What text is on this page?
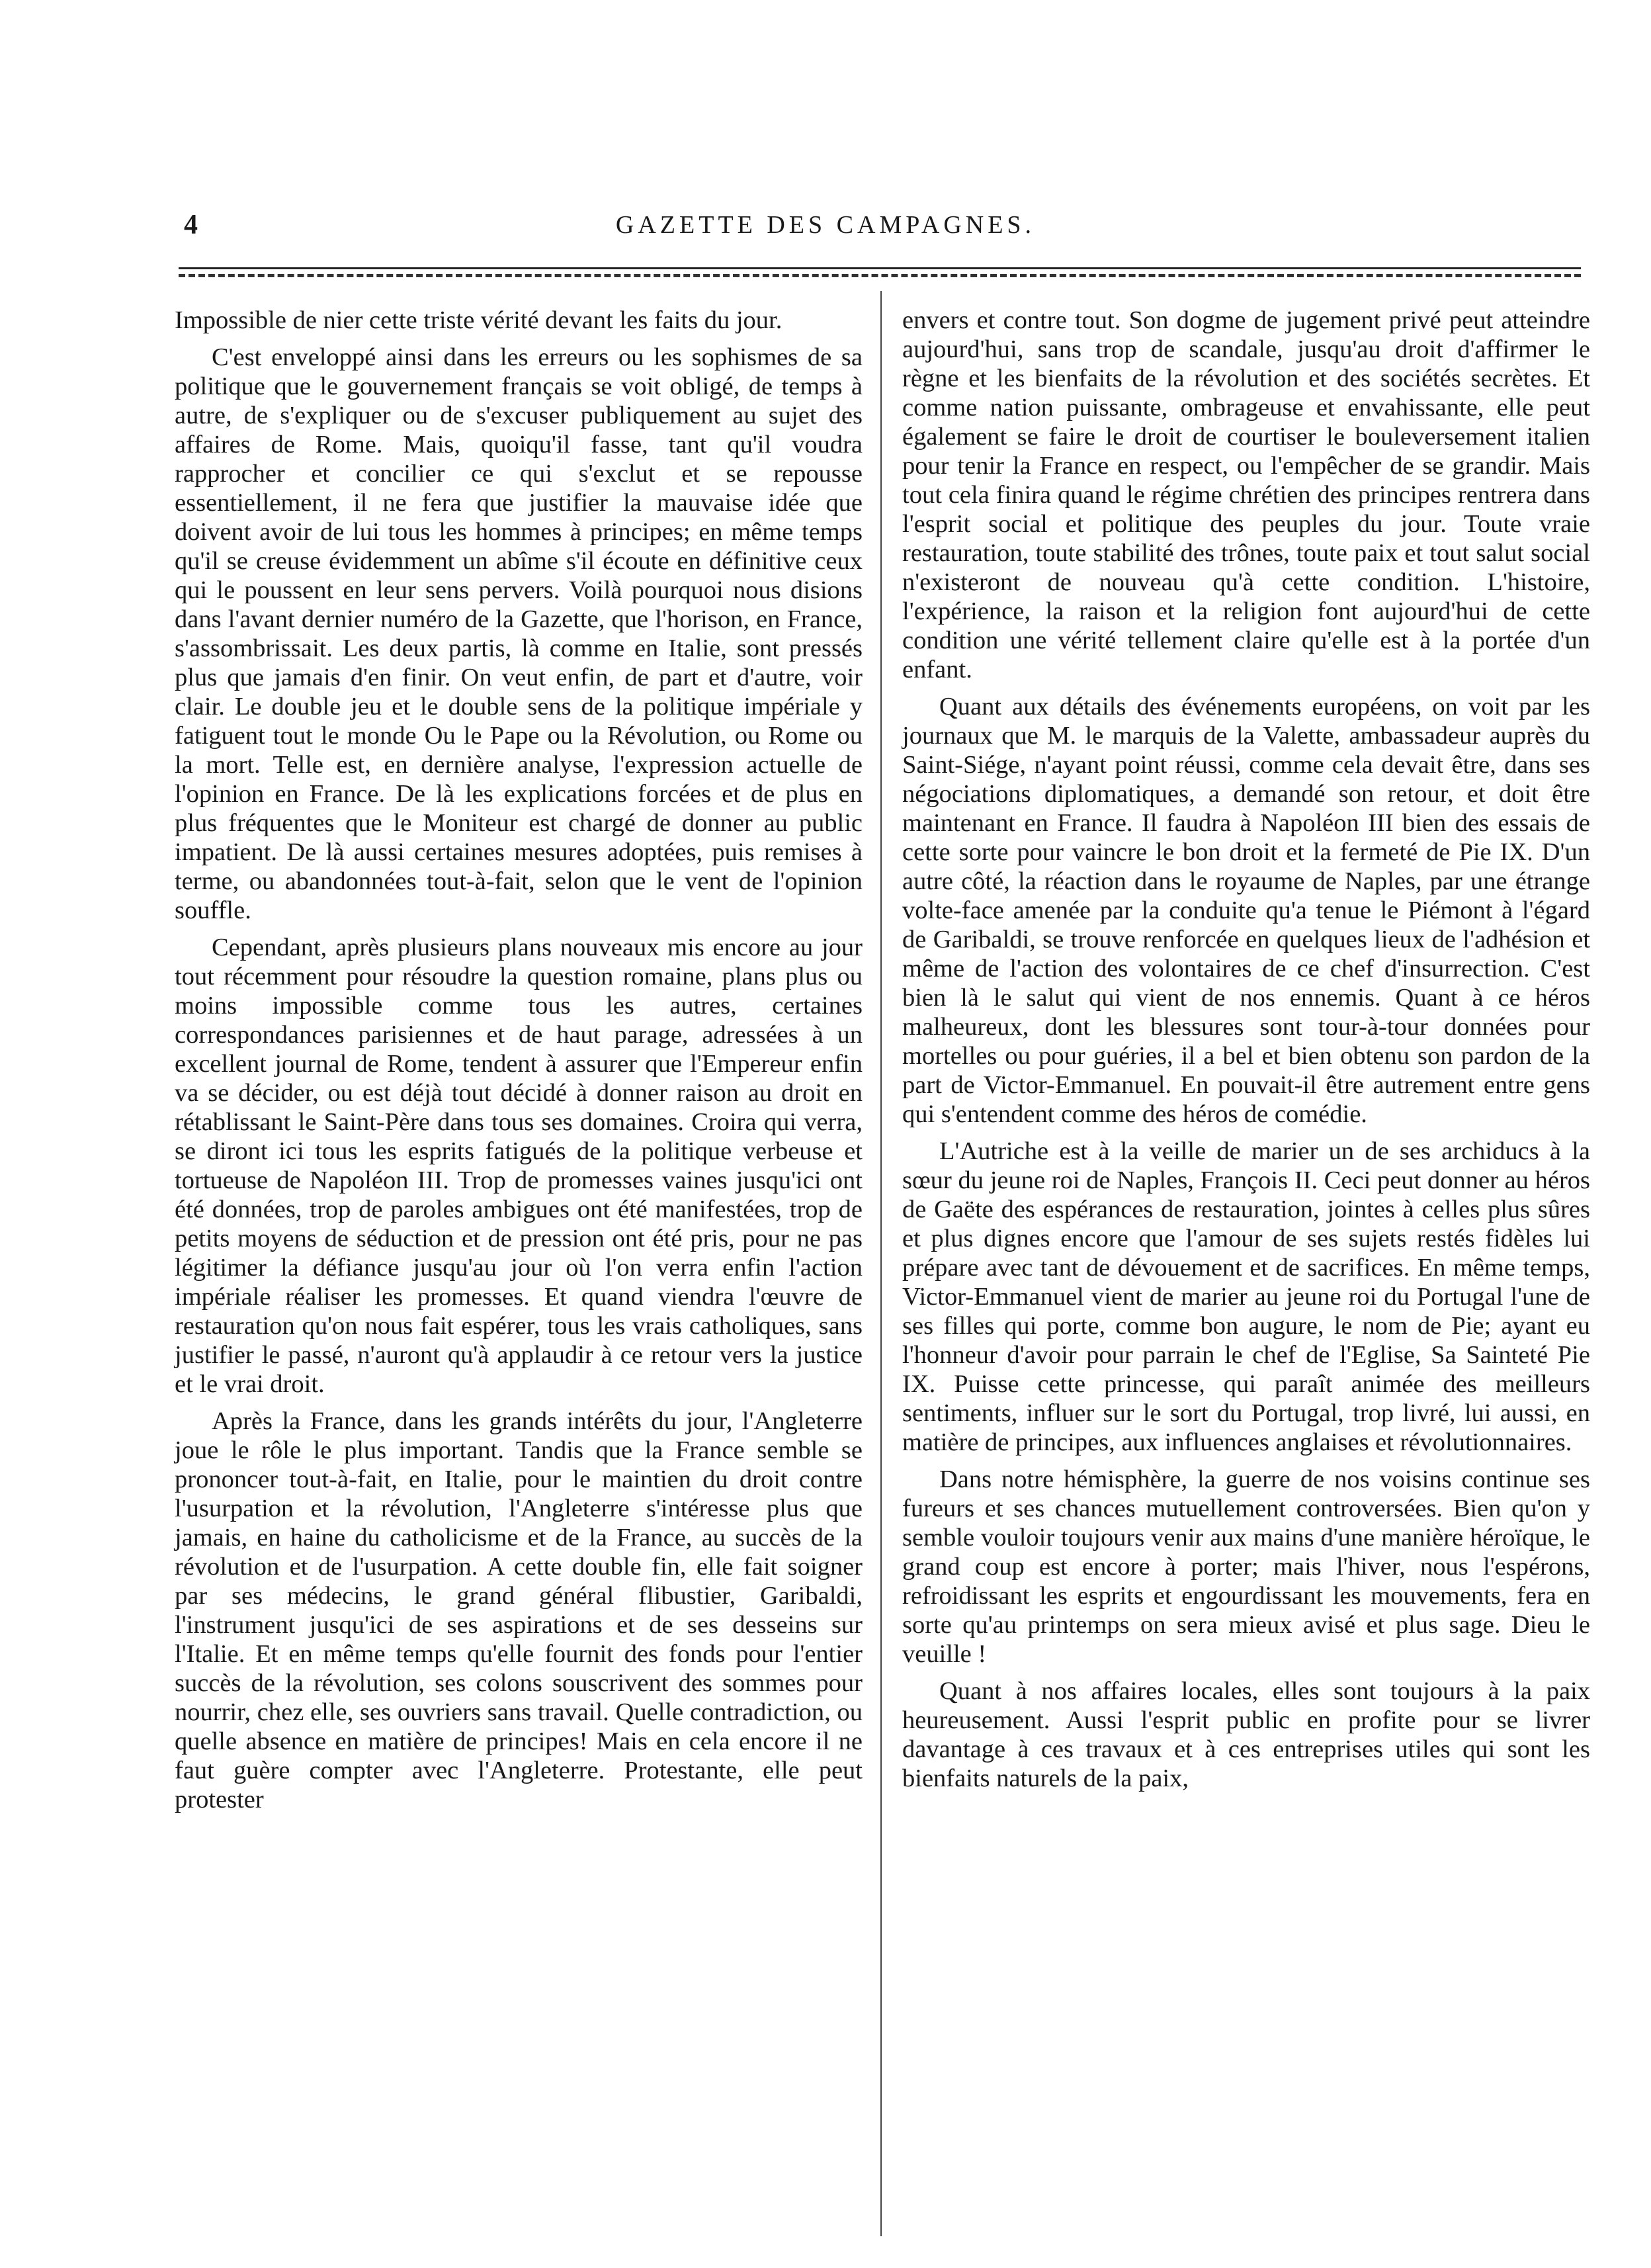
4	GAZETTE DES CAMPAGNES.

Impossible de nier cette triste vérité devant les faits du jour.

C'est enveloppé ainsi dans les erreurs ou les sophismes de sa politique que le gouvernement français se voit obligé, de temps à autre, de s'expliquer ou de s'excuser publiquement au sujet des affaires de Rome. Mais, quoiqu'il fasse, tant qu'il voudra rapprocher et concilier ce qui s'exclut et se repousse essentiellement, il ne fera que justifier la mauvaise idée que doivent avoir de lui tous les hommes à principes; en même temps qu'il se creuse évidemment un abîme s'il écoute en définitive ceux qui le poussent en leur sens pervers. Voilà pourquoi nous disions dans l'avant dernier numéro de la Gazette, que l'horison, en France, s'assombrissait. Les deux partis, là comme en Italie, sont pressés plus que jamais d'en finir. On veut enfin, de part et d'autre, voir clair. Le double jeu et le double sens de la politique impériale y fatiguent tout le monde Ou le Pape ou la Révolution, ou Rome ou la mort. Telle est, en dernière analyse, l'expression actuelle de l'opinion en France. De là les explications forcées et de plus en plus fréquentes que le Moniteur est chargé de donner au public impatient. De là aussi certaines mesures adoptées, puis remises à terme, ou abandonnées tout-à-fait, selon que le vent de l'opinion souffle.

Cependant, après plusieurs plans nouveaux mis encore au jour tout récemment pour résoudre la question romaine, plans plus ou moins impossible comme tous les autres, certaines correspondances parisiennes et de haut parage, adressées à un excellent journal de Rome, tendent à assurer que l'Empereur enfin va se décider, ou est déjà tout décidé à donner raison au droit en rétablissant le Saint-Père dans tous ses domaines. Croira qui verra, se diront ici tous les esprits fatigués de la politique verbeuse et tortueuse de Napoléon III. Trop de promesses vaines jusqu'ici ont été données, trop de paroles ambigues ont été manifestées, trop de petits moyens de séduction et de pression ont été pris, pour ne pas légitimer la défiance jusqu'au jour où l'on verra enfin l'action impériale réaliser les promesses. Et quand viendra l'œuvre de restauration qu'on nous fait espérer, tous les vrais catholiques, sans justifier le passé, n'auront qu'à applaudir à ce retour vers la justice et le vrai droit.

Après la France, dans les grands intérêts du jour, l'Angleterre joue le rôle le plus important. Tandis que la France semble se prononcer tout-à-fait, en Italie, pour le maintien du droit contre l'usurpation et la révolution, l'Angleterre s'intéresse plus que jamais, en haine du catholicisme et de la France, au succès de la révolution et de l'usurpation. A cette double fin, elle fait soigner par ses médecins, le grand général flibustier, Garibaldi, l'instrument jusqu'ici de ses aspirations et de ses desseins sur l'Italie. Et en même temps qu'elle fournit des fonds pour l'entier succès de la révolution, ses colons souscrivent des sommes pour nourrir, chez elle, ses ouvriers sans travail. Quelle contradiction, ou quelle absence en matière de principes! Mais en cela encore il ne faut guère compter avec l'Angleterre. Protestante, elle peut protester

envers et contre tout. Son dogme de jugement privé peut atteindre aujourd'hui, sans trop de scandale, jusqu'au droit d'affirmer le règne et les bienfaits de la révolution et des sociétés secrètes. Et comme nation puissante, ombrageuse et envahissante, elle peut également se faire le droit de courtiser le bouleversement italien pour tenir la France en respect, ou l'empêcher de se grandir. Mais tout cela finira quand le régime chrétien des principes rentrera dans l'esprit social et politique des peuples du jour. Toute vraie restauration, toute stabilité des trônes, toute paix et tout salut social n'existeront de nouveau qu'à cette condition. L'histoire, l'expérience, la raison et la religion font aujourd'hui de cette condition une vérité tellement claire qu'elle est à la portée d'un enfant.

Quant aux détails des événements européens, on voit par les journaux que M. le marquis de la Valette, ambassadeur auprès du Saint-Siége, n'ayant point réussi, comme cela devait être, dans ses négociations diplomatiques, a demandé son retour, et doit être maintenant en France. Il faudra à Napoléon III bien des essais de cette sorte pour vaincre le bon droit et la fermeté de Pie IX. D'un autre côté, la réaction dans le royaume de Naples, par une étrange volte-face amenée par la conduite qu'a tenue le Piémont à l'égard de Garibaldi, se trouve renforcée en quelques lieux de l'adhésion et même de l'action des volontaires de ce chef d'insurrection. C'est bien là le salut qui vient de nos ennemis. Quant à ce héros malheureux, dont les blessures sont tour-à-tour données pour mortelles ou pour guéries, il a bel et bien obtenu son pardon de la part de Victor-Emmanuel. En pouvait-il être autrement entre gens qui s'entendent comme des héros de comédie.

L'Autriche est à la veille de marier un de ses archiducs à la sœur du jeune roi de Naples, François II. Ceci peut donner au héros de Gaëte des espérances de restauration, jointes à celles plus sûres et plus dignes encore que l'amour de ses sujets restés fidèles lui prépare avec tant de dévouement et de sacrifices. En même temps, Victor-Emmanuel vient de marier au jeune roi du Portugal l'une de ses filles qui porte, comme bon augure, le nom de Pie; ayant eu l'honneur d'avoir pour parrain le chef de l'Eglise, Sa Sainteté Pie IX. Puisse cette princesse, qui paraît animée des meilleurs sentiments, influer sur le sort du Portugal, trop livré, lui aussi, en matière de principes, aux influences anglaises et révolutionnaires.

Dans notre hémisphère, la guerre de nos voisins continue ses fureurs et ses chances mutuellement controversées. Bien qu'on y semble vouloir toujours venir aux mains d'une manière héroïque, le grand coup est encore à porter; mais l'hiver, nous l'espérons, refroidissant les esprits et engourdissant les mouvements, fera en sorte qu'au printemps on sera mieux avisé et plus sage. Dieu le veuille !

Quant à nos affaires locales, elles sont toujours à la paix heureusement. Aussi l'esprit public en profite pour se livrer davantage à ces travaux et à ces entreprises utiles qui sont les bienfaits naturels de la paix,
